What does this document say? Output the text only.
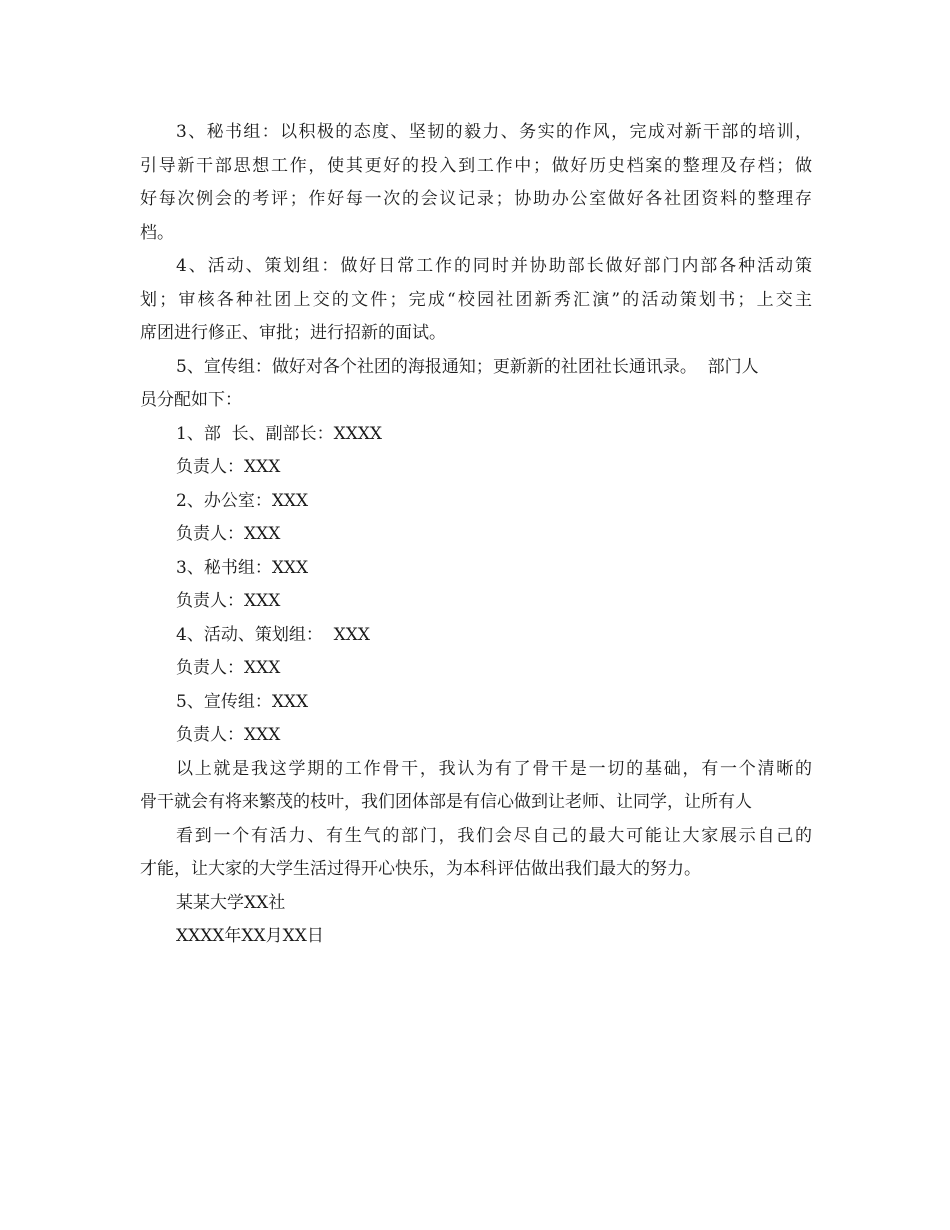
3、秘书组：以积极的态度、坚韧的毅力、务实的作风，完成对新干部的培训，

引导新干部思想工作，使其更好的投入到工作中；做好历史档案的整理及存档；做

好每次例会的考评；作好每一次的会议记录；协助办公室做好各社团资料的整理存

档。

4、活动、策划组：做好日常工作的同时并协助部长做好部门内部各种活动策

划；审核各种社团上交的文件；完成“校园社团新秀汇演”的活动策划书；上交主

席团进行修正、审批；进行招新的面试。

5、宣传组：做好对各个社团的海报通知；更新新的社团社长通讯录。  部门人

员分配如下：

1、部  长、副部长：XXXX

负责人：XXX

2、办公室：XXX

负责人：XXX

3、秘书组：XXX

负责人：XXX

4、活动、策划组：  XXX

负责人：XXX

5、宣传组：XXX

负责人：XXX

以上就是我这学期的工作骨干，我认为有了骨干是一切的基础，有一个清晰的

骨干就会有将来繁茂的枝叶，我们团体部是有信心做到让老师、让同学，让所有人

看到一个有活力、有生气的部门，我们会尽自己的最大可能让大家展示自己的

才能，让大家的大学生活过得开心快乐，为本科评估做出我们最大的努力。

某某大学XX社

XXXX年XX月XX日
